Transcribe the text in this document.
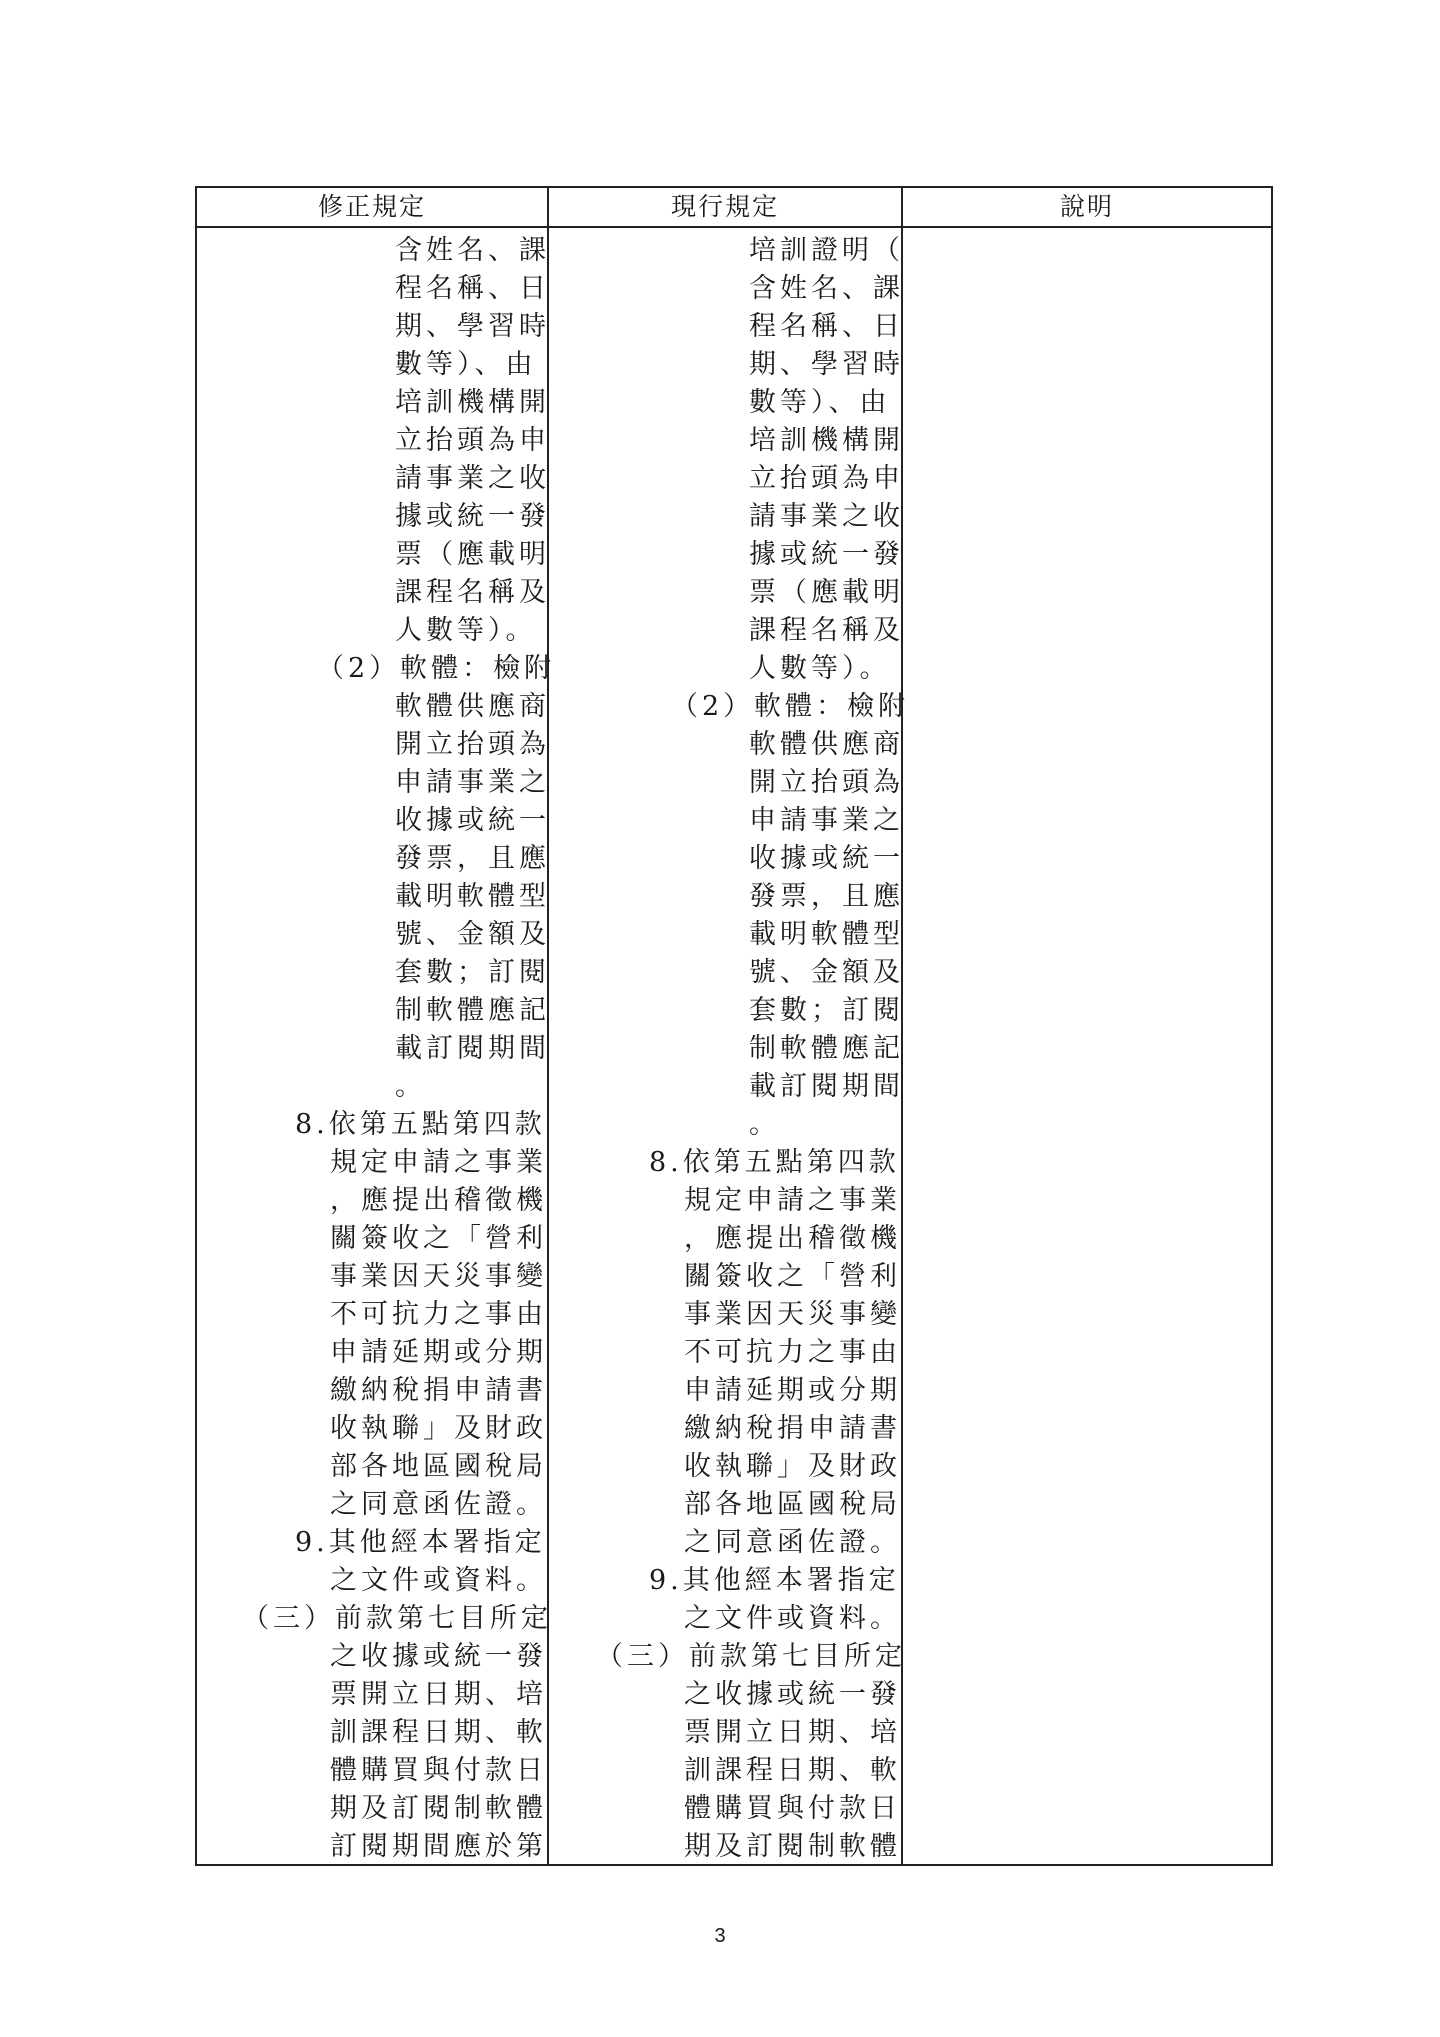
修正規定	現行規定	說明
含姓名、課
程名稱、日
期、學習時
數等）、由
培訓機構開
立抬頭為申
請事業之收
據或統一發
票（應載明
課程名稱及
人數等）。
（2）軟體：檢附
軟體供應商
開立抬頭為
申請事業之
收據或統一
發票，且應
載明軟體型
號、金額及
套數；訂閱
制軟體應記
載訂閱期間
。
8.依第五點第四款
規定申請之事業
，應提出稽徵機
關簽收之「營利
事業因天災事變
不可抗力之事由
申請延期或分期
繳納稅捐申請書
收執聯」及財政
部各地區國稅局
之同意函佐證。
9.其他經本署指定
之文件或資料。
（三）前款第七目所定
之收據或統一發
票開立日期、培
訓課程日期、軟
體購買與付款日
期及訂閱制軟體
訂閱期間應於第
培訓證明（
含姓名、課
程名稱、日
期、學習時
數等）、由
培訓機構開
立抬頭為申
請事業之收
據或統一發
票（應載明
課程名稱及
人數等）。
（2）軟體：檢附
軟體供應商
開立抬頭為
申請事業之
收據或統一
發票，且應
載明軟體型
號、金額及
套數；訂閱
制軟體應記
載訂閱期間
。
8.依第五點第四款
規定申請之事業
，應提出稽徵機
關簽收之「營利
事業因天災事變
不可抗力之事由
申請延期或分期
繳納稅捐申請書
收執聯」及財政
部各地區國稅局
之同意函佐證。
9.其他經本署指定
之文件或資料。
（三）前款第七目所定
之收據或統一發
票開立日期、培
訓課程日期、軟
體購買與付款日
期及訂閱制軟體
3
